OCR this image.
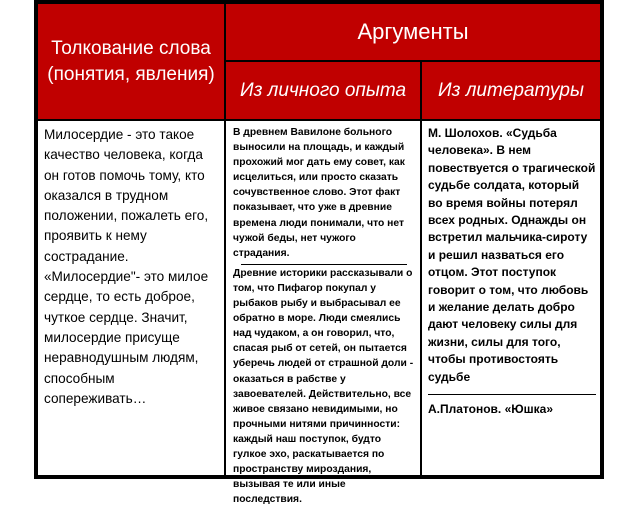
Толкование слова (понятия, явления)
Аргументы
Из личного опыта Из литературы

Милосердие - это такое качество человека, когда он готов помочь тому, кто оказался в трудном положении, пожалеть его, проявить к нему сострадание. «Милосердие"- это милое сердце, то есть доброе, чуткое сердце. Значит, милосердие присуще неравнодушным людям, способным сопереживать…

В древнем Вавилоне больного выносили на площадь, и каждый прохожий мог дать ему совет, как исцелиться, или просто сказать сочувственное слово. Этот факт показывает, что уже в древние времена люди понимали, что нет чужой беды, нет чужого страдания.

Древние историки рассказывали о том, что Пифагор покупал у рыбаков рыбу и выбрасывал ее обратно в море. Люди смеялись над чудаком, а он говорил, что, спасая рыб от сетей, он пытается уберечь людей от страшной доли - оказаться в рабстве у завоевателей. Действительно, все живое связано невидимыми, но прочными нитями причинности: каждый наш поступок, будто гулкое эхо, раскатывается по пространству мироздания, вызывая те или иные последствия.

М. Шолохов. «Судьба человека». В нем повествуется о трагической судьбе солдата, который во время войны потерял всех родных. Однажды он встретил мальчика-сироту и решил назваться его отцом. Этот поступок говорит о том, что любовь и желание делать добро дают человеку силы для жизни, силы для того, чтобы противостоять судьбе

А.Платонов. «Юшка»
